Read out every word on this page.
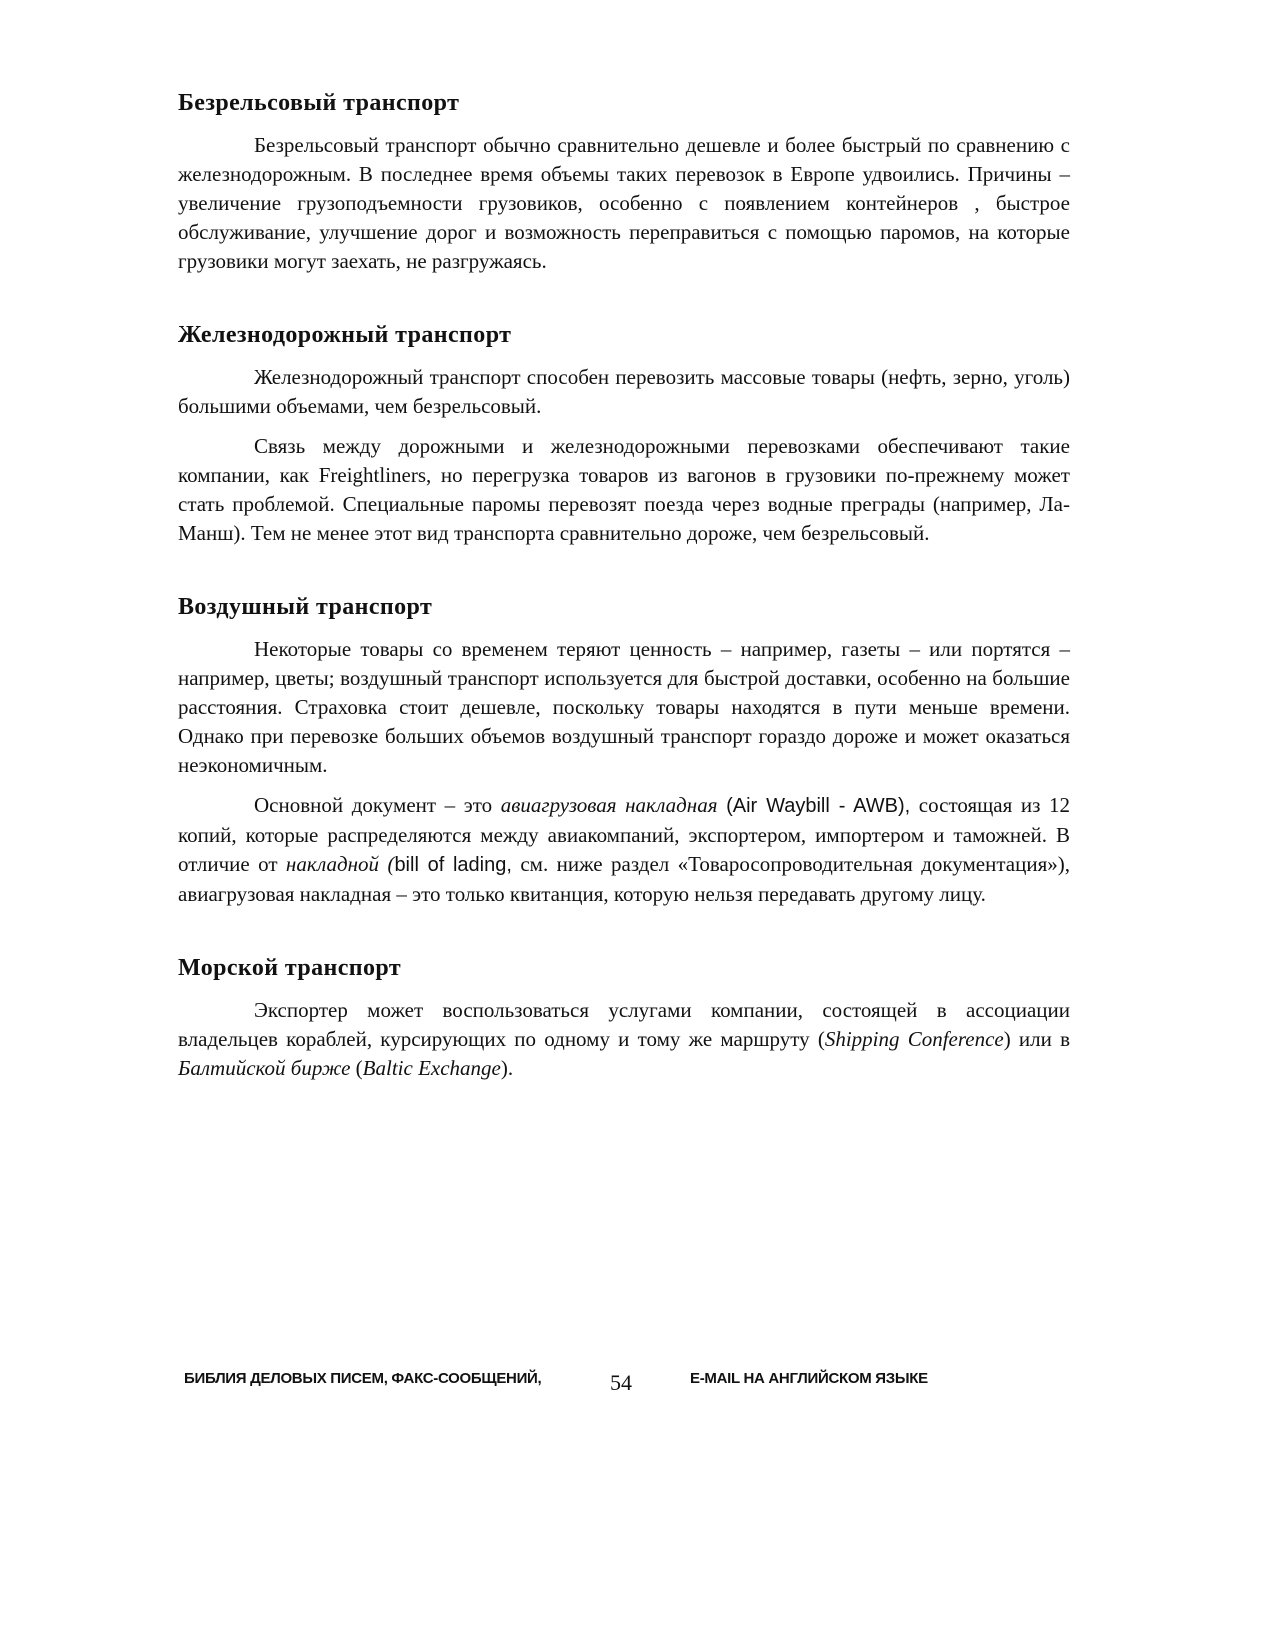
Безрельсовый транспорт

Безрельсовый транспорт обычно сравнительно дешевле и более быстрый по сравнению с железнодорожным. В последнее время объемы таких перевозок в Европе удвоились. Причины – увеличение грузоподъемности грузовиков, особенно с появлением контейнеров , быстрое обслуживание, улучшение дорог и возможность переправиться с помощью паромов, на которые грузовики могут заехать, не разгружаясь.

Железнодорожный транспорт

Железнодорожный транспорт способен перевозить массовые товары (нефть, зерно, уголь) большими объемами, чем безрельсовый.

Связь между дорожными и железнодорожными перевозками обеспечивают такие компании, как Freightliners, но перегрузка товаров из вагонов в грузовики по-прежнему может стать проблемой. Специальные паромы перевозят поезда через водные преграды (например, Ла-Манш). Тем не менее этот вид транспорта сравнительно дороже, чем безрельсовый.

Воздушный транспорт

Некоторые товары со временем теряют ценность – например, газеты – или портятся – например, цветы; воздушный транспорт используется для быстрой доставки, особенно на большие расстояния. Страховка стоит дешевле, поскольку товары находятся в пути меньше времени. Однако при перевозке больших объемов воздушный транспорт гораздо дороже и может оказаться неэкономичным.

Основной документ – это авиагрузовая накладная (Air Waybill - AWB), состоящая из 12 копий, которые распределяются между авиакомпаний, экспортером, импортером и таможней. В отличие от накладной (bill of lading, см. ниже раздел «Товаросопроводительная документация»), авиагрузовая накладная – это только квитанция, которую нельзя передавать другому лицу.

Морской транспорт

Экспортер может воспользоваться услугами компании, состоящей в ассоциации владельцев кораблей, курсирующих по одному и тому же маршруту (Shipping Conference) или в Балтийской бирже (Baltic Exchange).

БИБЛИЯ ДЕЛОВЫХ ПИСЕМ, ФАКС-СООБЩЕНИЙ,	54	E-MAIL НА АНГЛИЙСКОМ ЯЗЫКЕ
